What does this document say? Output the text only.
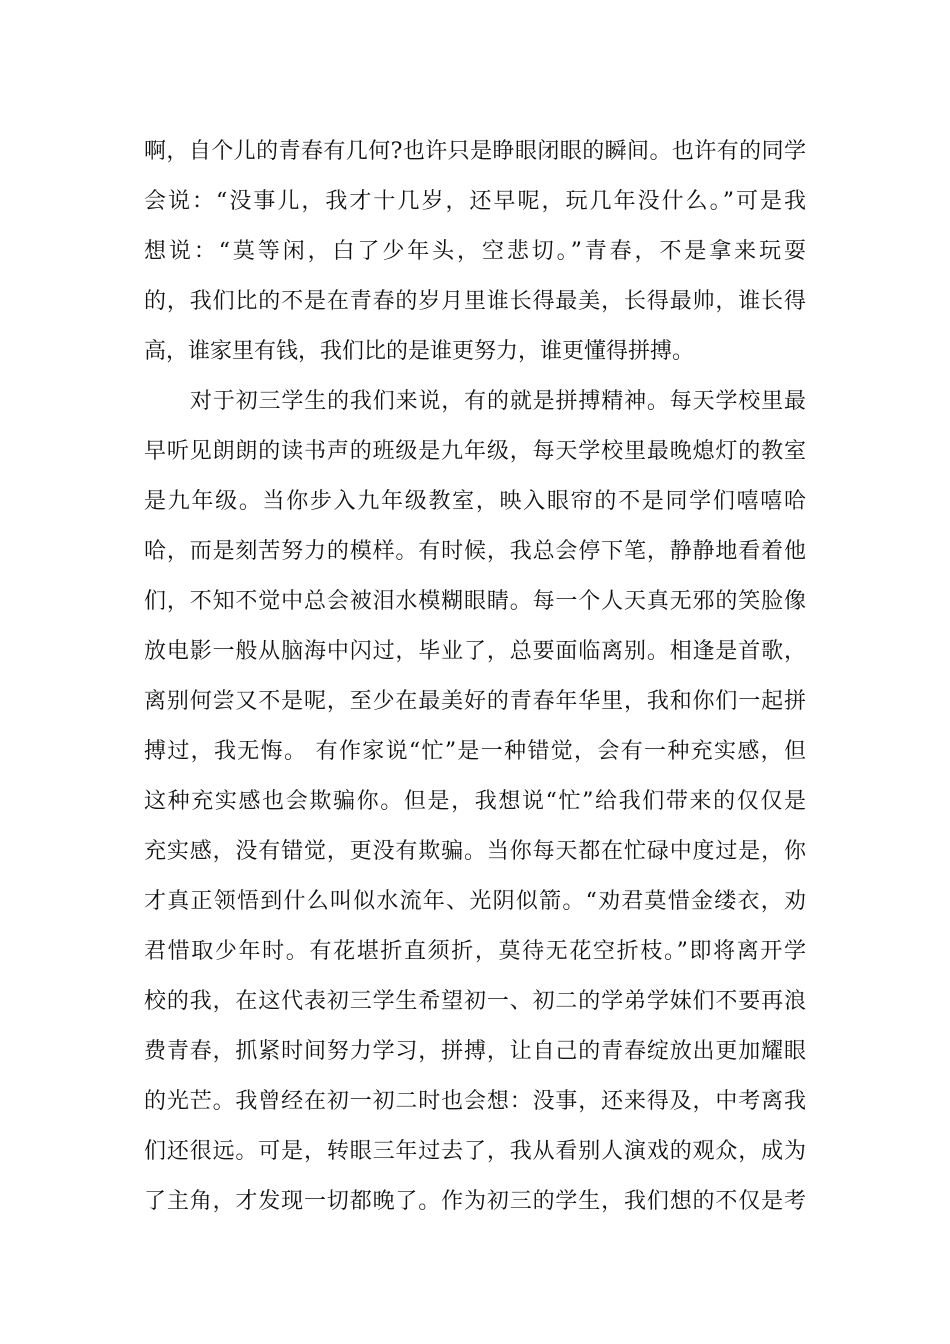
啊，自个儿的青春有几何?也许只是睁眼闭眼的瞬间。也许有的同学
会说：“没事儿，我才十几岁，还早呢，玩几年没什么。”可是我
想说：“莫等闲，白了少年头，空悲切。”青春，不是拿来玩耍
的，我们比的不是在青春的岁月里谁长得最美，长得最帅，谁长得
高，谁家里有钱，我们比的是谁更努力，谁更懂得拼搏。
对于初三学生的我们来说，有的就是拼搏精神。每天学校里最
早听见朗朗的读书声的班级是九年级，每天学校里最晚熄灯的教室
是九年级。当你步入九年级教室，映入眼帘的不是同学们嘻嘻哈
哈，而是刻苦努力的模样。有时候，我总会停下笔，静静地看着他
们，不知不觉中总会被泪水模糊眼睛。每一个人天真无邪的笑脸像
放电影一般从脑海中闪过，毕业了，总要面临离别。相逢是首歌，
离别何尝又不是呢，至少在最美好的青春年华里，我和你们一起拼
搏过，我无悔。 有作家说“忙”是一种错觉，会有一种充实感，但
这种充实感也会欺骗你。但是，我想说“忙”给我们带来的仅仅是
充实感，没有错觉，更没有欺骗。当你每天都在忙碌中度过是，你
才真正领悟到什么叫似水流年、光阴似箭。“劝君莫惜金缕衣，劝
君惜取少年时。有花堪折直须折，莫待无花空折枝。”即将离开学
校的我，在这代表初三学生希望初一、初二的学弟学妹们不要再浪
费青春，抓紧时间努力学习，拼搏，让自己的青春绽放出更加耀眼
的光芒。我曾经在初一初二时也会想：没事，还来得及，中考离我
们还很远。可是，转眼三年过去了，我从看别人演戏的观众，成为
了主角，才发现一切都晚了。作为初三的学生，我们想的不仅是考
